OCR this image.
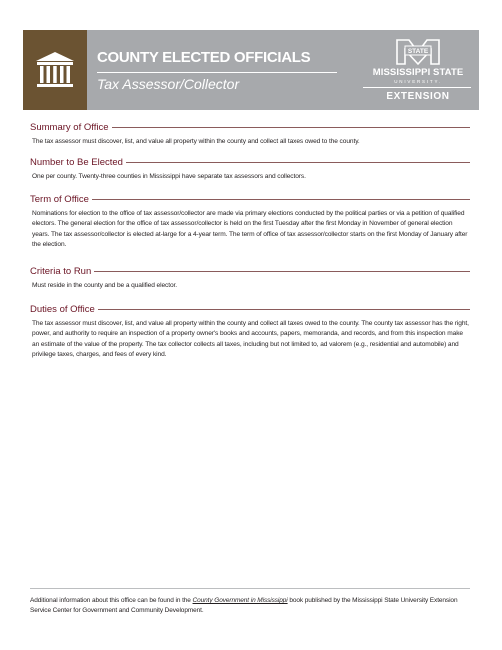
COUNTY ELECTED OFFICIALS
Tax Assessor/Collector
STATE
MISSISSIPPI STATE
UNIVERSITY.
EXTENSION
Summary of Office
The tax assessor must discover, list, and value all property within the county and collect all taxes owed to the county.
Number to Be Elected
One per county. Twenty-three counties in Mississippi have separate tax assessors and collectors.
Term of Office
Nominations for election to the office of tax assessor/collector are made via primary elections conducted by the political parties or via a petition of qualified electors. The general election for the office of tax assessor/collector is held on the first Tuesday after the first Monday in November of general election years. The tax assessor/collector is elected at-large for a 4-year term. The term of office of tax assessor/collector starts on the first Monday of January after the election.
Criteria to Run
Must reside in the county and be a qualified elector.
Duties of Office
The tax assessor must discover, list, and value all property within the county and collect all taxes owed to the county. The county tax assessor has the right, power, and authority to require an inspection of a property owner's books and accounts, papers, memoranda, and records, and from this inspection make an estimate of the value of the property. The tax collector collects all taxes, including but not limited to, ad valorem (e.g., residential and automobile) and privilege taxes, charges, and fees of every kind.
Additional information about this office can be found in the County Government in Mississippi book published by the Mississippi State University Extension Service Center for Government and Community Development.
